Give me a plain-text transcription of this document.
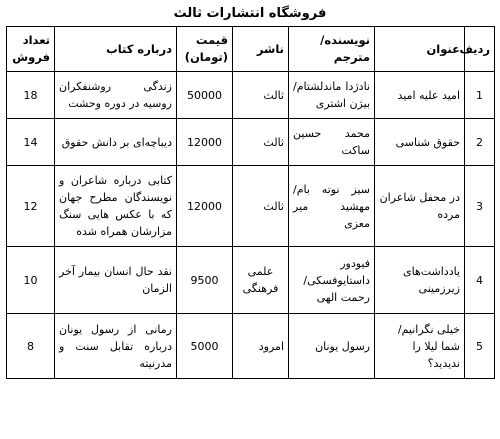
فروشگاه انتشارات ثالث
ردیف	عنوان	نویسنده/مترجم	ناشر	قیمت (تومان)	درباره کتاب	تعداد فروش
1	امید علیه امید	نادژدا ماندلشتام/ بیژن اشتری	ثالث	50000	زندگی روشنفکران روسیه در دوره وحشت	18
2	حقوق شناسی	محمد حسین ساکت	ثالث	12000	دیباچه‌ای بر دانش حقوق	14
3	در محفل شاعران مرده	سیز نوته بام/ مهشید میر معزی	ثالث	12000	کتابی درباره شاعران و نویسندگان مطرح جهان که با عکس هایی سنگ مزارشان همراه شده	12
4	یادداشت‌های زیرزمینی	فیودور داستایوفسکی/ رحمت الهی	علمی فرهنگی	9500	نقد حال انسان بیمار آخر الزمان	10
5	خیلی نگرانیم/شما لیلا را ندیدید؟	رسول یونان	امرود	5000	رمانی از رسول یونان درباره تقابل سنت و مدرنیته	8
